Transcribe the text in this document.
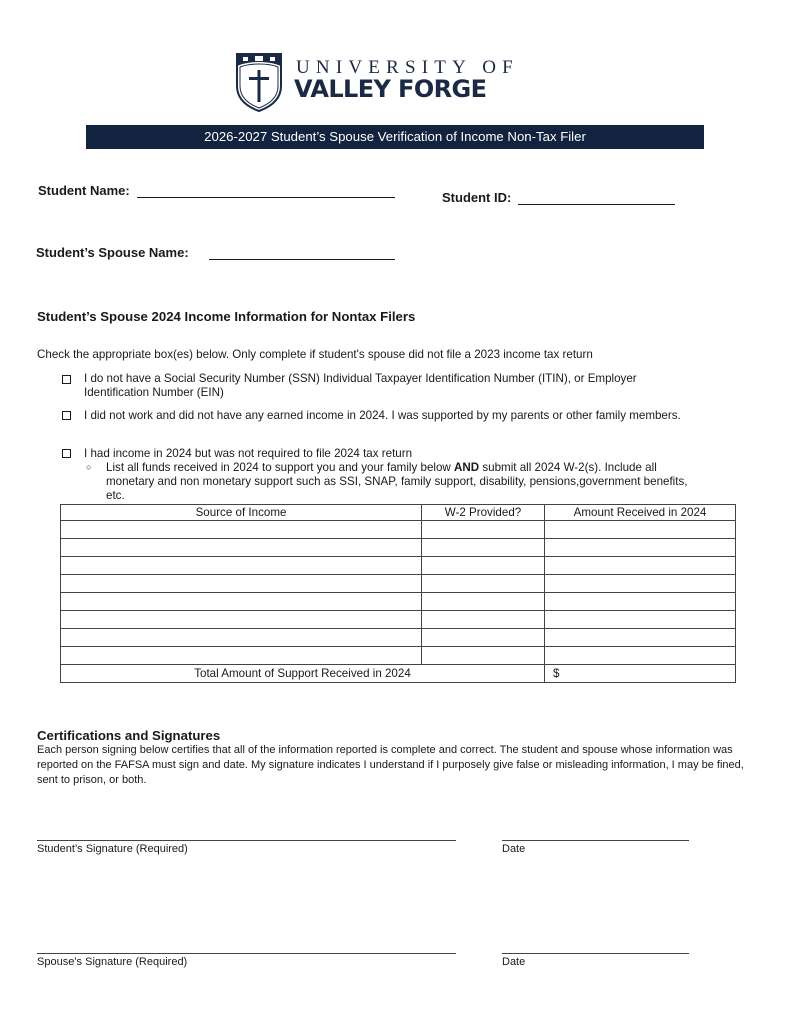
UNIVERSITY OF
VALLEY FORGE
2026-2027 Student’s Spouse Verification of Income Non-Tax Filer
Student Name:	Student ID:
Student’s Spouse Name:
Student’s Spouse 2024 Income Information for Nontax Filers
Check the appropriate box(es) below. Only complete if student's spouse did not file a 2023 income tax return
I do not have a Social Security Number (SSN) Individual Taxpayer Identification Number (ITIN), or Employer Identification Number (EIN)
I did not work and did not have any earned income in 2024. I was supported by my parents or other family members.
I had income in 2024 but was not required to file 2024 tax return
○ List all funds received in 2024 to support you and your family below AND submit all 2024 W-2(s). Include all monetary and non monetary support such as SSI, SNAP, family support, disability, pensions,government benefits, etc.
Source of Income	W-2 Provided?	Amount Received in 2024

Total Amount of Support Received in 2024		$
Certifications and Signatures
Each person signing below certifies that all of the information reported is complete and correct. The student and spouse whose information was reported on the FAFSA must sign and date. My signature indicates I understand if I purposely give false or misleading information, I may be fined, sent to prison, or both.
Student’s Signature (Required)	Date
Spouse’s Signature (Required)	Date
